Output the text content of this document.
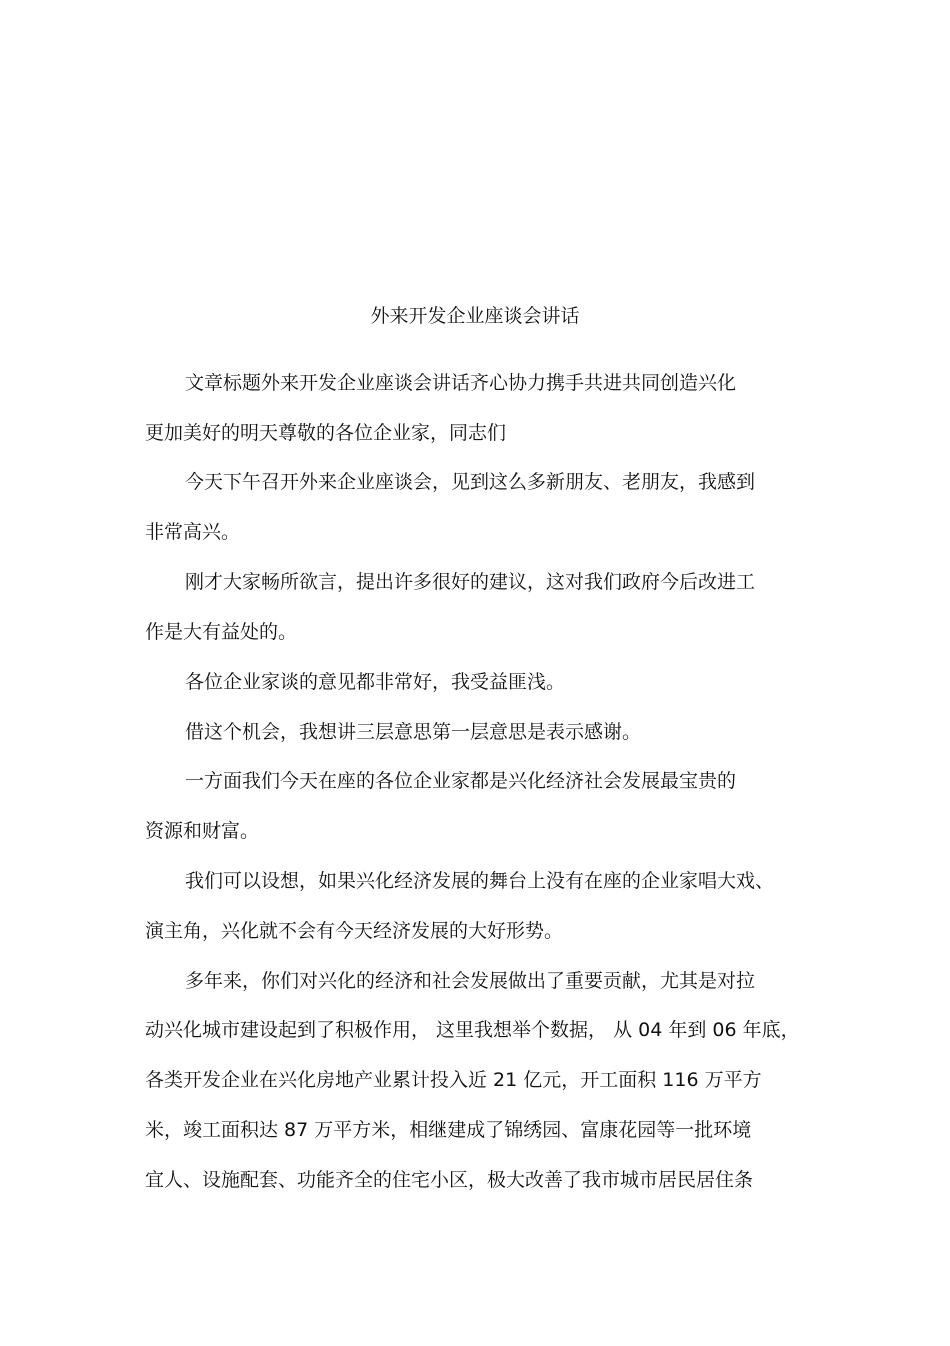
外来开发企业座谈会讲话
文章标题外来开发企业座谈会讲话齐心协力携手共进共同创造兴化
更加美好的明天尊敬的各位企业家，同志们
今天下午召开外来企业座谈会，见到这么多新朋友、老朋友，我感到
非常高兴。
刚才大家畅所欲言，提出许多很好的建议，这对我们政府今后改进工
作是大有益处的。
各位企业家谈的意见都非常好，我受益匪浅。
借这个机会，我想讲三层意思第一层意思是表示感谢。
一方面我们今天在座的各位企业家都是兴化经济社会发展最宝贵的
资源和财富。
我们可以设想，如果兴化经济发展的舞台上没有在座的企业家唱大戏、
演主角，兴化就不会有今天经济发展的大好形势。
多年来，你们对兴化的经济和社会发展做出了重要贡献，尤其是对拉
动兴化城市建设起到了积极作用， 这里我想举个数据， 从 04 年到 06 年底，
各类开发企业在兴化房地产业累计投入近 21 亿元，开工面积 116 万平方
米，竣工面积达 87 万平方米，相继建成了锦绣园、富康花园等一批环境
宜人、设施配套、功能齐全的住宅小区，极大改善了我市城市居民居住条
